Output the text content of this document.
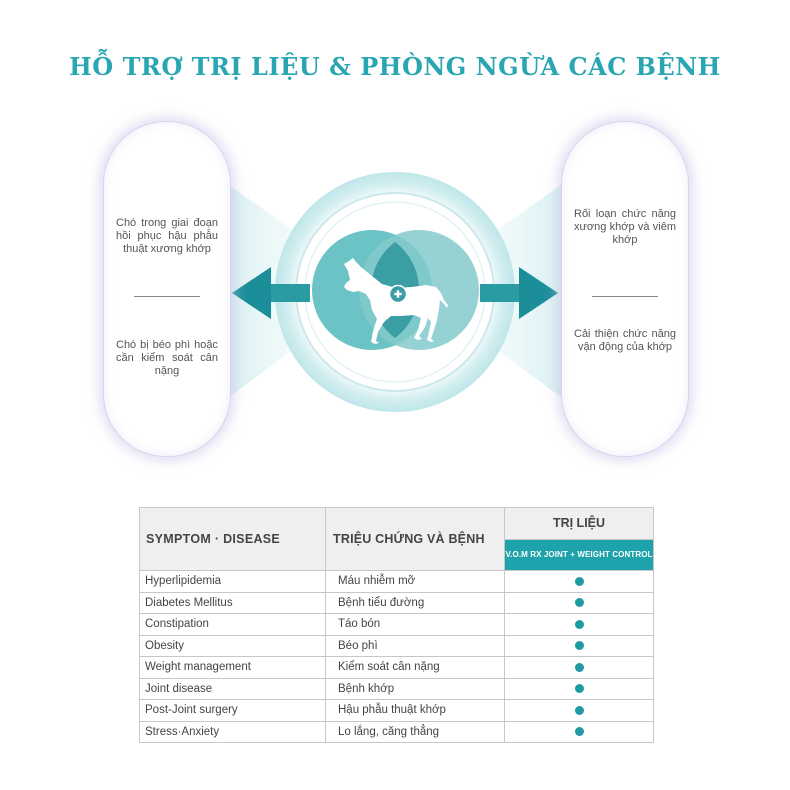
HỖ TRỢ TRỊ LIỆU & PHÒNG NGỪA CÁC BỆNH
Chó trong giai đoạn hồi phục hậu phẫu thuật xương khớp
Chó bị béo phì hoặc cần kiểm soát cân nặng
Rối loạn chức năng xương khớp và viêm khớp
Cải thiện chức năng vận động của khớp
SYMPTOM · DISEASE	TRIỆU CHỨNG VÀ BỆNH	TRỊ LIỆU
		V.O.M RX JOINT + WEIGHT CONTROL
Hyperlipidemia	Máu nhiễm mỡ	
Diabetes Mellitus	Bệnh tiểu đường	
Constipation	Táo bón	
Obesity	Béo phì	
Weight management	Kiểm soát cân nặng	
Joint disease	Bệnh khớp	
Post-Joint surgery	Hậu phẫu thuật khớp	
Stress·Anxiety	Lo lắng, căng thẳng	
